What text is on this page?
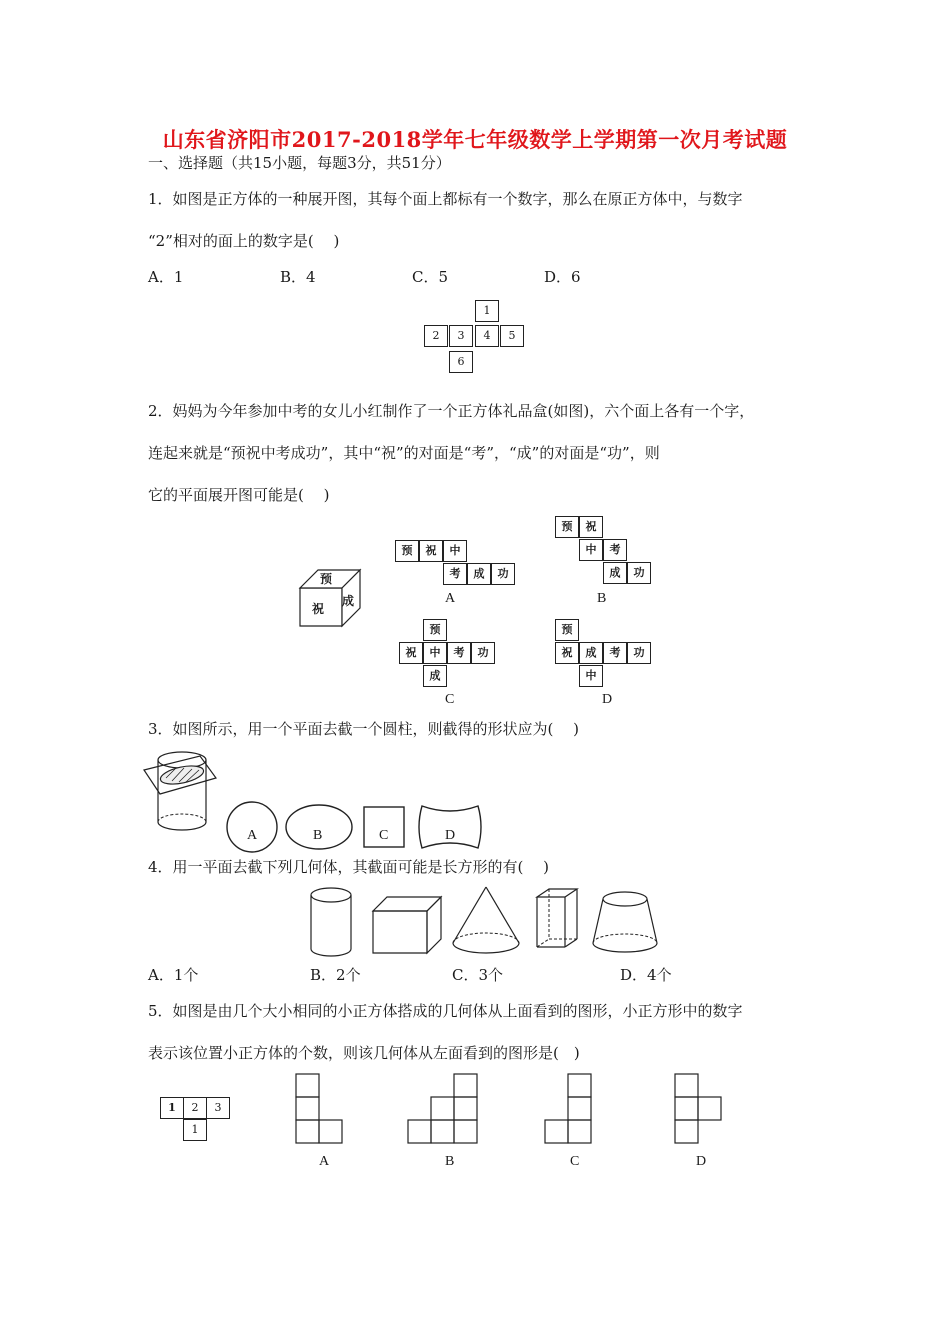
山东省济阳市2017-2018学年七年级数学上学期第一次月考试题
一、选择题（共15小题，每题3分，共51分）
1．如图是正方体的一种展开图，其每个面上都标有一个数字，那么在原正方体中，与数字
“2”相对的面上的数字是(　 )
A．1	B．4	C．5	D．6
1
2	3	4	5
6
2．妈妈为今年参加中考的女儿小红制作了一个正方体礼品盒(如图)，六个面上各有一个字，
连起来就是“预祝中考成功”，其中“祝”的对面是“考”，“成”的对面是“功”，则
它的平面展开图可能是(　 )
预
祝
成
预	祝	中
考	成	功
A
预	祝
中	考
成	功
B
预
祝	中	考	功
成
C
预
祝	成	考	功
中
D
3．如图所示，用一个平面去截一个圆柱，则截得的形状应为(　 )
A	B	C	D
4．用一平面去截下列几何体，其截面可能是长方形的有(　 )
A．1个	B．2个	C．3个	D．4个
5．如图是由几个大小相同的小正方体搭成的几何体从上面看到的图形，小正方形中的数字
表示该位置小正方体的个数，则该几何体从左面看到的图形是(　)
1	2	3
1
A	B	C	D
